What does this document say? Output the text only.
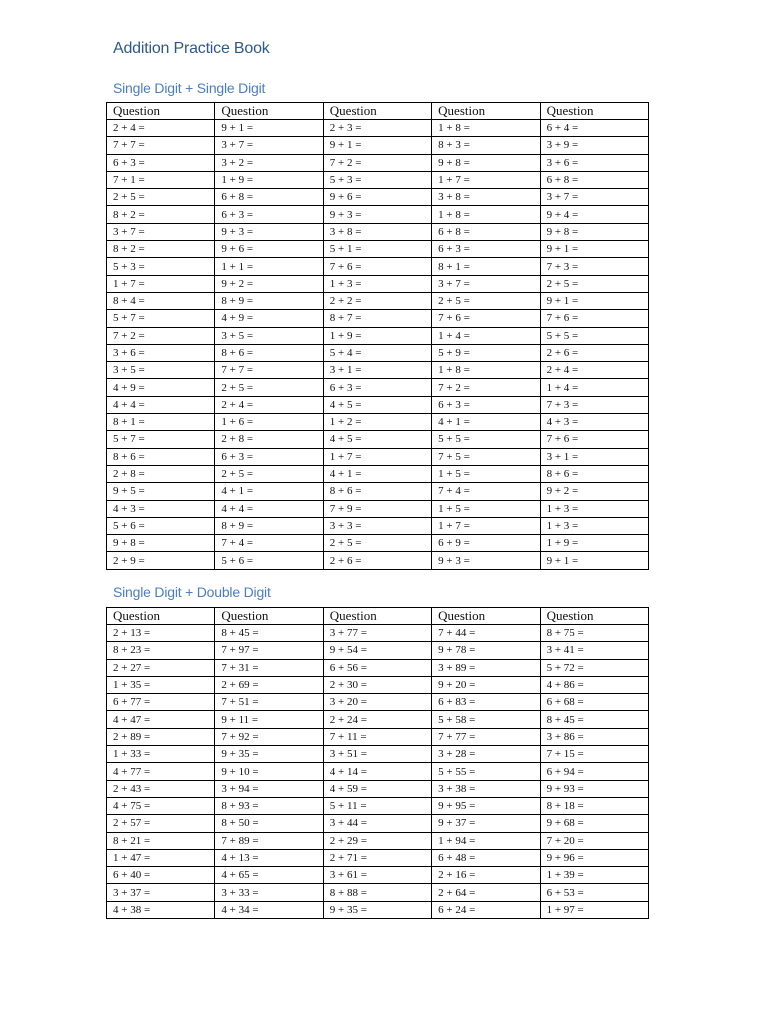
Addition Practice Book
Single Digit + Single Digit
Question	Question	Question	Question	Question
2 + 4 =	9 + 1 =	2 + 3 =	1 + 8 =	6 + 4 =
7 + 7 =	3 + 7 =	9 + 1 =	8 + 3 =	3 + 9 =
6 + 3 =	3 + 2 =	7 + 2 =	9 + 8 =	3 + 6 =
7 + 1 =	1 + 9 =	5 + 3 =	1 + 7 =	6 + 8 =
2 + 5 =	6 + 8 =	9 + 6 =	3 + 8 =	3 + 7 =
8 + 2 =	6 + 3 =	9 + 3 =	1 + 8 =	9 + 4 =
3 + 7 =	9 + 3 =	3 + 8 =	6 + 8 =	9 + 8 =
8 + 2 =	9 + 6 =	5 + 1 =	6 + 3 =	9 + 1 =
5 + 3 =	1 + 1 =	7 + 6 =	8 + 1 =	7 + 3 =
1 + 7 =	9 + 2 =	1 + 3 =	3 + 7 =	2 + 5 =
8 + 4 =	8 + 9 =	2 + 2 =	2 + 5 =	9 + 1 =
5 + 7 =	4 + 9 =	8 + 7 =	7 + 6 =	7 + 6 =
7 + 2 =	3 + 5 =	1 + 9 =	1 + 4 =	5 + 5 =
3 + 6 =	8 + 6 =	5 + 4 =	5 + 9 =	2 + 6 =
3 + 5 =	7 + 7 =	3 + 1 =	1 + 8 =	2 + 4 =
4 + 9 =	2 + 5 =	6 + 3 =	7 + 2 =	1 + 4 =
4 + 4 =	2 + 4 =	4 + 5 =	6 + 3 =	7 + 3 =
8 + 1 =	1 + 6 =	1 + 2 =	4 + 1 =	4 + 3 =
5 + 7 =	2 + 8 =	4 + 5 =	5 + 5 =	7 + 6 =
8 + 6 =	6 + 3 =	1 + 7 =	7 + 5 =	3 + 1 =
2 + 8 =	2 + 5 =	4 + 1 =	1 + 5 =	8 + 6 =
9 + 5 =	4 + 1 =	8 + 6 =	7 + 4 =	9 + 2 =
4 + 3 =	4 + 4 =	7 + 9 =	1 + 5 =	1 + 3 =
5 + 6 =	8 + 9 =	3 + 3 =	1 + 7 =	1 + 3 =
9 + 8 =	7 + 4 =	2 + 5 =	6 + 9 =	1 + 9 =
2 + 9 =	5 + 6 =	2 + 6 =	9 + 3 =	9 + 1 =
Single Digit + Double Digit
Question	Question	Question	Question	Question
2 + 13 =	8 + 45 =	3 + 77 =	7 + 44 =	8 + 75 =
8 + 23 =	7 + 97 =	9 + 54 =	9 + 78 =	3 + 41 =
2 + 27 =	7 + 31 =	6 + 56 =	3 + 89 =	5 + 72 =
1 + 35 =	2 + 69 =	2 + 30 =	9 + 20 =	4 + 86 =
6 + 77 =	7 + 51 =	3 + 20 =	6 + 83 =	6 + 68 =
4 + 47 =	9 + 11 =	2 + 24 =	5 + 58 =	8 + 45 =
2 + 89 =	7 + 92 =	7 + 11 =	7 + 77 =	3 + 86 =
1 + 33 =	9 + 35 =	3 + 51 =	3 + 28 =	7 + 15 =
4 + 77 =	9 + 10 =	4 + 14 =	5 + 55 =	6 + 94 =
2 + 43 =	3 + 94 =	4 + 59 =	3 + 38 =	9 + 93 =
4 + 75 =	8 + 93 =	5 + 11 =	9 + 95 =	8 + 18 =
2 + 57 =	8 + 50 =	3 + 44 =	9 + 37 =	9 + 68 =
8 + 21 =	7 + 89 =	2 + 29 =	1 + 94 =	7 + 20 =
1 + 47 =	4 + 13 =	2 + 71 =	6 + 48 =	9 + 96 =
6 + 40 =	4 + 65 =	3 + 61 =	2 + 16 =	1 + 39 =
3 + 37 =	3 + 33 =	8 + 88 =	2 + 64 =	6 + 53 =
4 + 38 =	4 + 34 =	9 + 35 =	6 + 24 =	1 + 97 =
